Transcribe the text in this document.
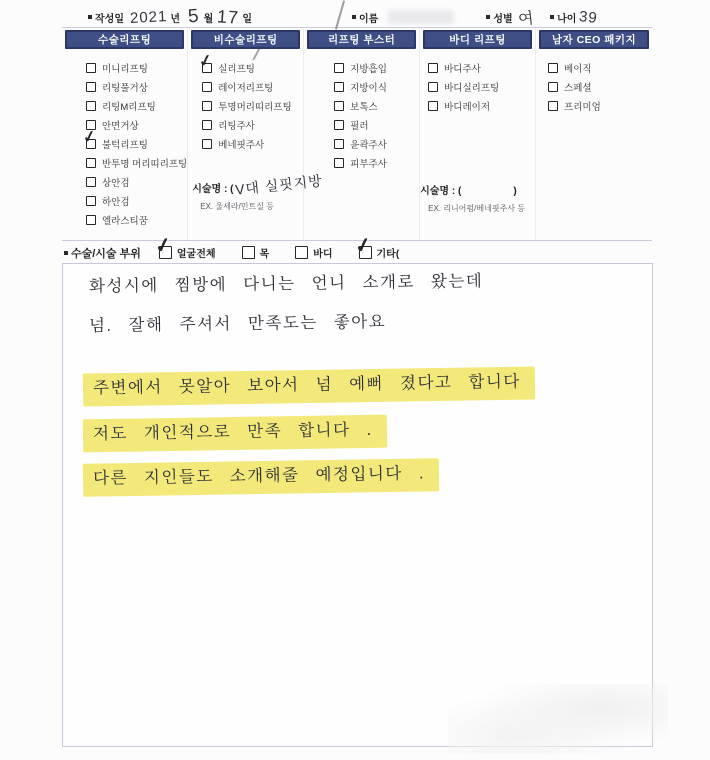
작성일 2021 년 5 월 17 일	이름	성별 여 나이 39
수술리프팅
미니리프팅
리팅풀거상
리팅M리프팅
안면거상
✓
불턱리프팅
반투명 머리띠리프팅
상안검
하안검
엘라스티꿈
비수술리프팅
✓
실리프팅
레이저리프팅
투명머리띠리프팅
리팅주사
베네핏주사
시술명 : (V대 실핏지방
EX. 울세라/민트실 등
리프팅 부스터
지방흡입
지방이식
보톡스
필러
윤곽주사
피부주사
바디 리프팅
바디주사
바디실리프팅
바디레이저
시술명 : (	)
EX. 리니어펌/베네핏주사 등
남자 CEO 패키지
베이직
스페셜
프리미엄
수술/시술 부위 ✓	얼굴전체	목	바디 ✓	기타(
화성시에 찜방에 다니는 언니 소개로 왔는데
넘. 잘해 주셔서 만족도는 좋아요
주변에서 못알아 보아서 넘 예뻐 졌다고 합니다
저도 개인적으로 만족 합니다 .
다른 지인들도 소개해줄 예정입니다 .
